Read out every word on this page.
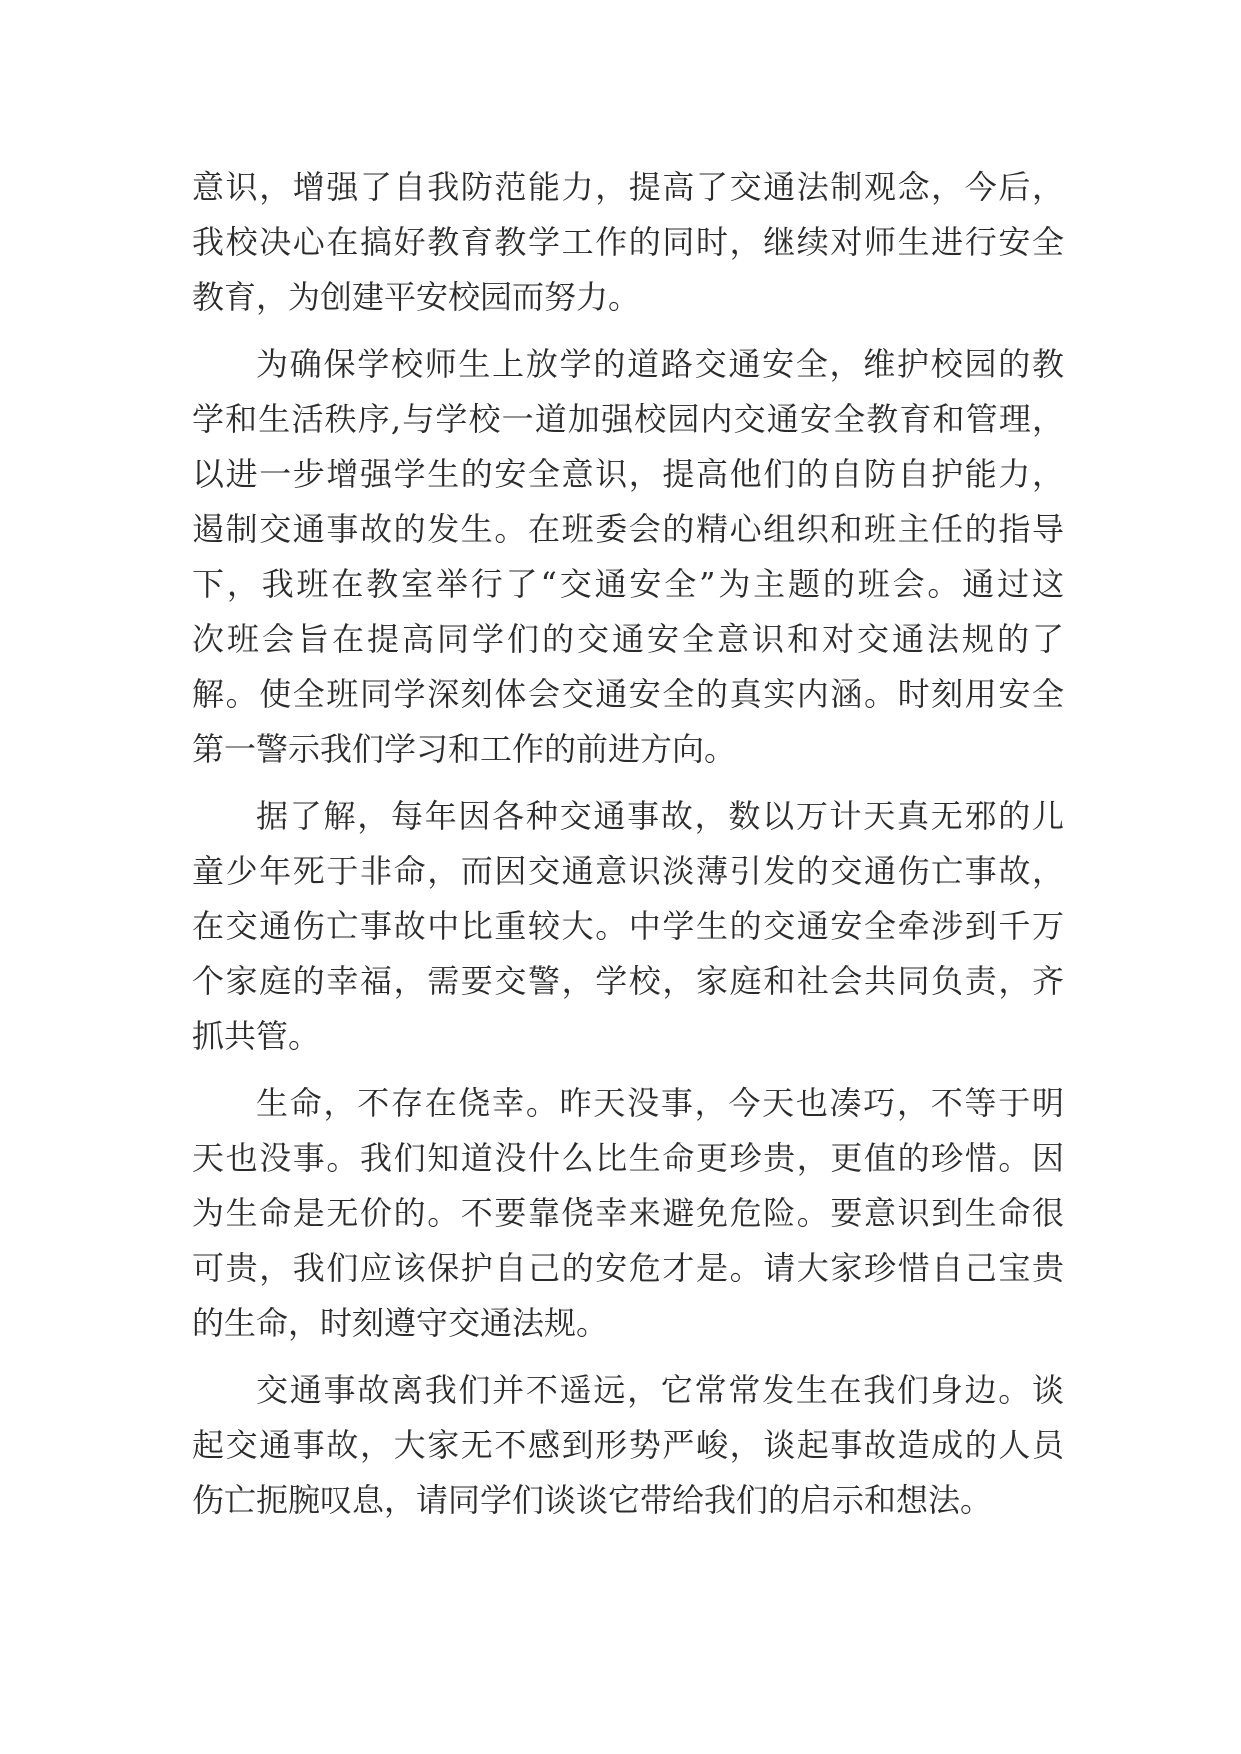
意识，增强了自我防范能力，提高了交通法制观念，今后，
我校决心在搞好教育教学工作的同时，继续对师生进行安全
教育，为创建平安校园而努力。
为确保学校师生上放学的道路交通安全，维护校园的教
学和生活秩序,与学校一道加强校园内交通安全教育和管理，
以进一步增强学生的安全意识，提高他们的自防自护能力，
遏制交通事故的发生。在班委会的精心组织和班主任的指导
下，我班在教室举行了“交通安全”为主题的班会。通过这
次班会旨在提高同学们的交通安全意识和对交通法规的了
解。使全班同学深刻体会交通安全的真实内涵。时刻用安全
第一警示我们学习和工作的前进方向。
据了解，每年因各种交通事故，数以万计天真无邪的儿
童少年死于非命，而因交通意识淡薄引发的交通伤亡事故，
在交通伤亡事故中比重较大。中学生的交通安全牵涉到千万
个家庭的幸福，需要交警，学校，家庭和社会共同负责，齐
抓共管。
生命，不存在侥幸。昨天没事，今天也凑巧，不等于明
天也没事。我们知道没什么比生命更珍贵，更值的珍惜。因
为生命是无价的。不要靠侥幸来避免危险。要意识到生命很
可贵，我们应该保护自己的安危才是。请大家珍惜自己宝贵
的生命，时刻遵守交通法规。
交通事故离我们并不遥远，它常常发生在我们身边。谈
起交通事故，大家无不感到形势严峻，谈起事故造成的人员
伤亡扼腕叹息，请同学们谈谈它带给我们的启示和想法。
